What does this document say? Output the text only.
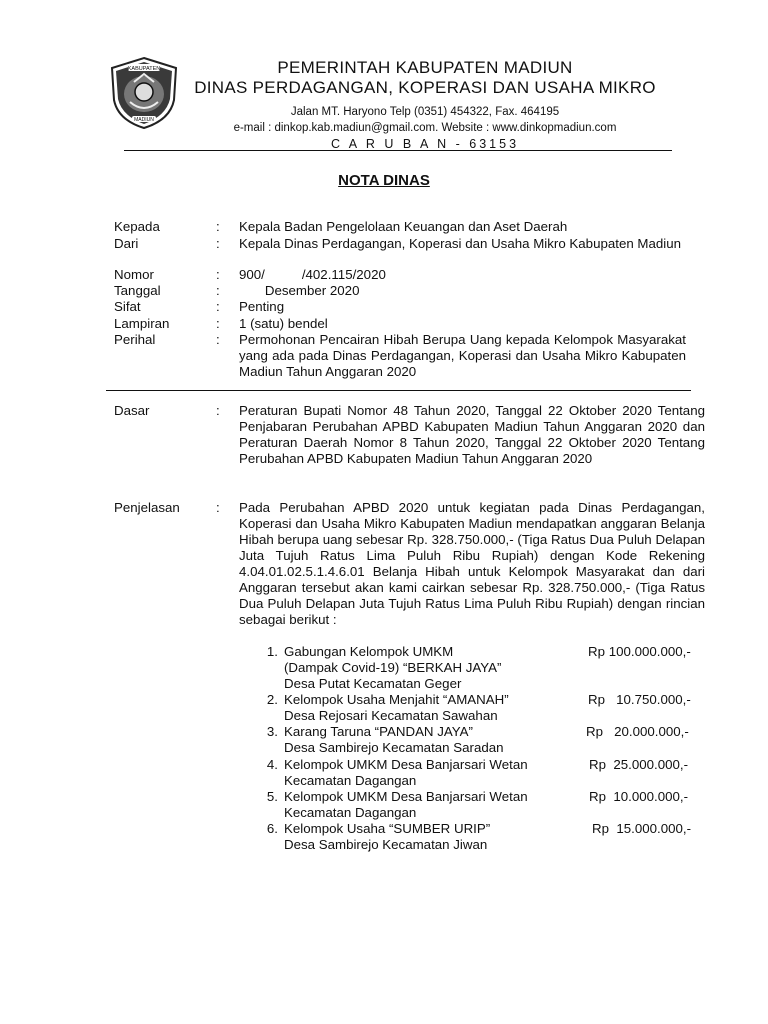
KABUPATEN
MADIUN
PEMERINTAH KABUPATEN MADIUN
DINAS PERDAGANGAN, KOPERASI DAN USAHA MIKRO
Jalan MT. Haryono Telp (0351) 454322, Fax. 464195
e-mail : dinkop.kab.madiun@gmail.com. Website : www.dinkopmadiun.com
C A R U B A N - 63153
NOTA DINAS
Kepada	: Kepala Badan Pengelolaan Keuangan dan Aset Daerah
Dari	: Kepala Dinas Perdagangan, Koperasi dan Usaha Mikro Kabupaten Madiun
Nomor	: 900/          /402.115/2020
Tanggal	: Desember 2020
Sifat	: Penting
Lampiran	: 1 (satu) bendel
Perihal	: Permohonan Pencairan Hibah Berupa Uang kepada Kelompok Masyarakat yang ada pada Dinas Perdagangan, Koperasi dan Usaha Mikro Kabupaten Madiun Tahun Anggaran 2020
Dasar	: Peraturan Bupati Nomor 48 Tahun 2020, Tanggal 22 Oktober 2020 Tentang Penjabaran Perubahan APBD Kabupaten Madiun Tahun Anggaran 2020 dan Peraturan Daerah Nomor 8 Tahun 2020, Tanggal 22 Oktober 2020 Tentang Perubahan APBD Kabupaten Madiun Tahun Anggaran 2020
Penjelasan	: Pada Perubahan APBD 2020 untuk kegiatan pada Dinas Perdagangan, Koperasi dan Usaha Mikro Kabupaten Madiun mendapatkan anggaran Belanja Hibah berupa uang sebesar Rp. 328.750.000,- (Tiga Ratus Dua Puluh Delapan Juta Tujuh Ratus Lima Puluh Ribu Rupiah) dengan Kode Rekening 4.04.01.02.5.1.4.6.01 Belanja Hibah untuk Kelompok Masyarakat dan dari Anggaran tersebut akan kami cairkan sebesar Rp. 328.750.000,- (Tiga Ratus Dua Puluh Delapan Juta Tujuh Ratus Lima Puluh Ribu Rupiah) dengan rincian sebagai berikut :
1. Gabungan Kelompok UMKM
(Dampak Covid-19) “BERKAH JAYA”
Desa Putat Kecamatan Geger
Rp 100.000.000,-
2. Kelompok Usaha Menjahit “AMANAH”
Desa Rejosari Kecamatan Sawahan
Rp   10.750.000,-
3. Karang Taruna “PANDAN JAYA”
Desa Sambirejo Kecamatan Saradan
Rp   20.000.000,-
4. Kelompok UMKM Desa Banjarsari Wetan
Kecamatan Dagangan
Rp  25.000.000,-
5. Kelompok UMKM Desa Banjarsari Wetan
Kecamatan Dagangan
Rp  10.000.000,-
6. Kelompok Usaha “SUMBER URIP”
Desa Sambirejo Kecamatan Jiwan
Rp  15.000.000,-
